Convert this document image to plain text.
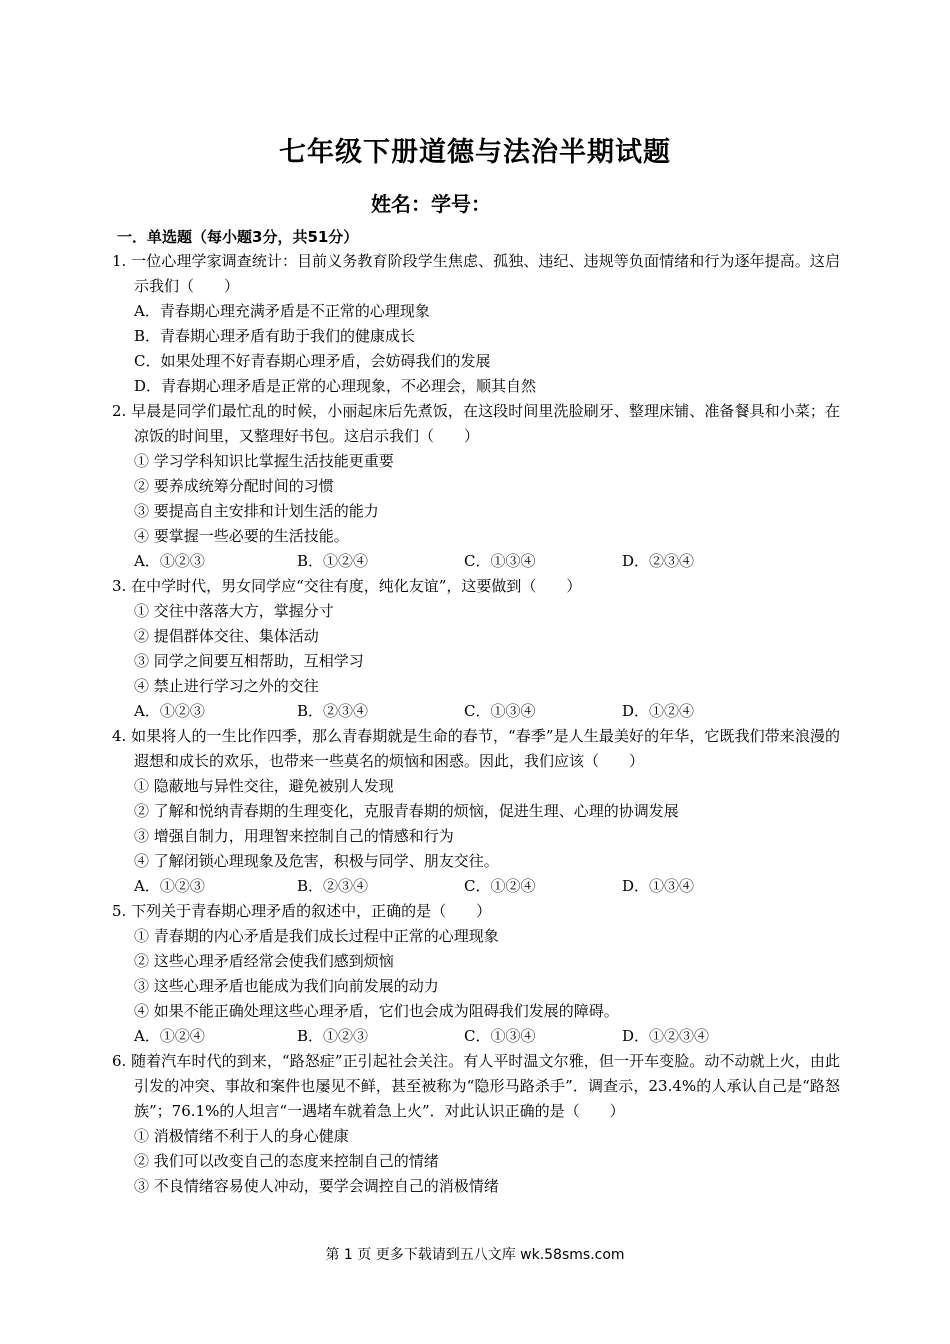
七年级下册道德与法治半期试题
姓名：学号：
一．单选题（每小题3分，共51分）
1. 一位心理学家调查统计：目前义务教育阶段学生焦虑、孤独、违纪、违规等负面情绪和行为逐年提高。这启示我们（　　）
A．青春期心理充满矛盾是不正常的心理现象
B．青春期心理矛盾有助于我们的健康成长
C．如果处理不好青春期心理矛盾，会妨碍我们的发展
D．青春期心理矛盾是正常的心理现象，不必理会，顺其自然
2. 早晨是同学们最忙乱的时候，小丽起床后先煮饭，在这段时间里洗脸刷牙、整理床铺、准备餐具和小菜；在凉饭的时间里，又整理好书包。这启示我们（　　）
① 学习学科知识比掌握生活技能更重要
② 要养成统筹分配时间的习惯
③ 要提高自主安排和计划生活的能力
④ 要掌握一些必要的生活技能。
A．①②③	B．①②④	C．①③④	D．②③④
3. 在中学时代，男女同学应“交往有度，纯化友谊”，这要做到（　　）
① 交往中落落大方，掌握分寸
② 提倡群体交往、集体活动
③ 同学之间要互相帮助，互相学习
④ 禁止进行学习之外的交往
A．①②③	B．②③④	C．①③④	D．①②④
4. 如果将人的一生比作四季，那么青春期就是生命的春节，“春季”是人生最美好的年华，它既我们带来浪漫的遐想和成长的欢乐，也带来一些莫名的烦恼和困惑。因此，我们应该（　　）
① 隐蔽地与异性交往，避免被别人发现
② 了解和悦纳青春期的生理变化，克服青春期的烦恼，促进生理、心理的协调发展
③ 增强自制力，用理智来控制自己的情感和行为
④ 了解闭锁心理现象及危害，积极与同学、朋友交往。
A．①②③	B．②③④	C．①②④	D．①③④
5. 下列关于青春期心理矛盾的叙述中，正确的是（　　）
① 青春期的内心矛盾是我们成长过程中正常的心理现象
② 这些心理矛盾经常会使我们感到烦恼
③ 这些心理矛盾也能成为我们向前发展的动力
④ 如果不能正确处理这些心理矛盾，它们也会成为阻碍我们发展的障碍。
A．①②④	B．①②③	C．①③④	D．①②③④
6. 随着汽车时代的到来，“路怒症”正引起社会关注。有人平时温文尔雅，但一开车变脸。动不动就上火，由此引发的冲突、事故和案件也屡见不鲜，甚至被称为“隐形马路杀手”．调查示，23.4%的人承认自己是“路怒族”；76.1%的人坦言“一遇堵车就着急上火”．对此认识正确的是（　　）
① 消极情绪不利于人的身心健康
② 我们可以改变自己的态度来控制自己的情绪
③ 不良情绪容易使人冲动，要学会调控自己的消极情绪
第 1 页 更多下载请到五八文库 wk.58sms.com
